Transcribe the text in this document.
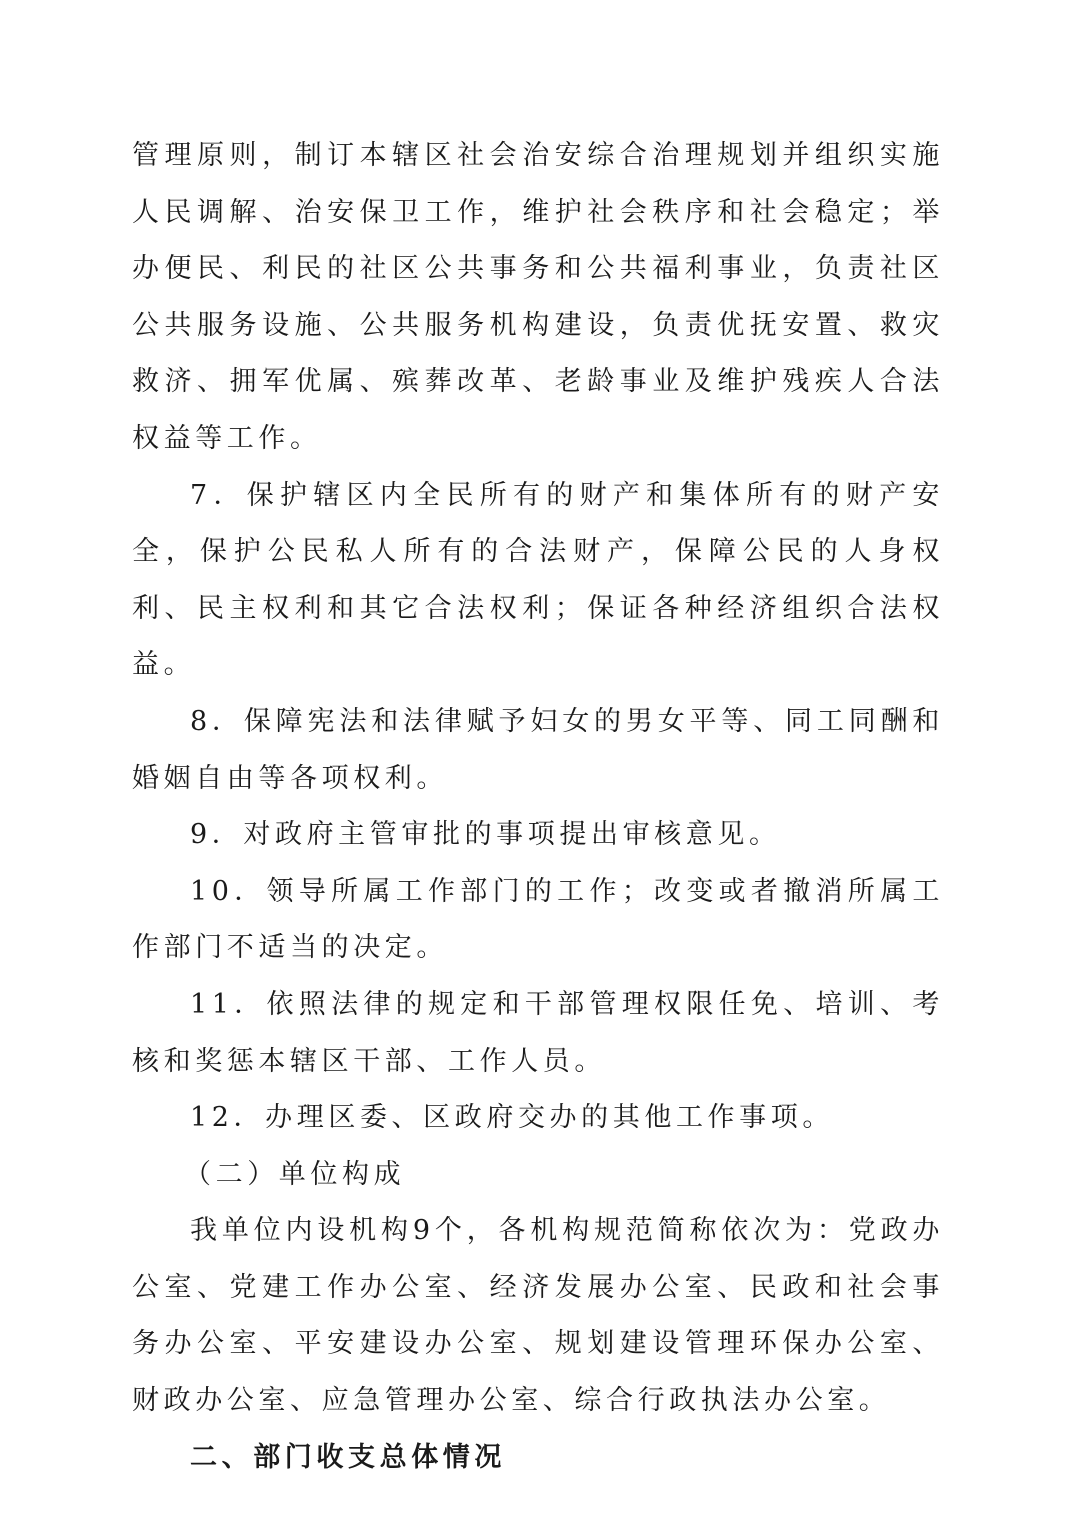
管理原则，制订本辖区社会治安综合治理规划并组织实施人民调解、治安保卫工作，维护社会秩序和社会稳定；举办便民、利民的社区公共事务和公共福利事业，负责社区公共服务设施、公共服务机构建设，负责优抚安置、救灾救济、拥军优属、殡葬改革、老龄事业及维护残疾人合法权益等工作。

7．保护辖区内全民所有的财产和集体所有的财产安全，保护公民私人所有的合法财产，保障公民的人身权利、民主权利和其它合法权利；保证各种经济组织合法权益。

8．保障宪法和法律赋予妇女的男女平等、同工同酬和婚姻自由等各项权利。

9．对政府主管审批的事项提出审核意见。

10．领导所属工作部门的工作；改变或者撤消所属工作部门不适当的决定。

11．依照法律的规定和干部管理权限任免、培训、考核和奖惩本辖区干部、工作人员。

12．办理区委、区政府交办的其他工作事项。

（二）单位构成

我单位内设机构9个，各机构规范简称依次为：党政办公室、党建工作办公室、经济发展办公室、民政和社会事务办公室、平安建设办公室、规划建设管理环保办公室、财政办公室、应急管理办公室、综合行政执法办公室。

二、部门收支总体情况
